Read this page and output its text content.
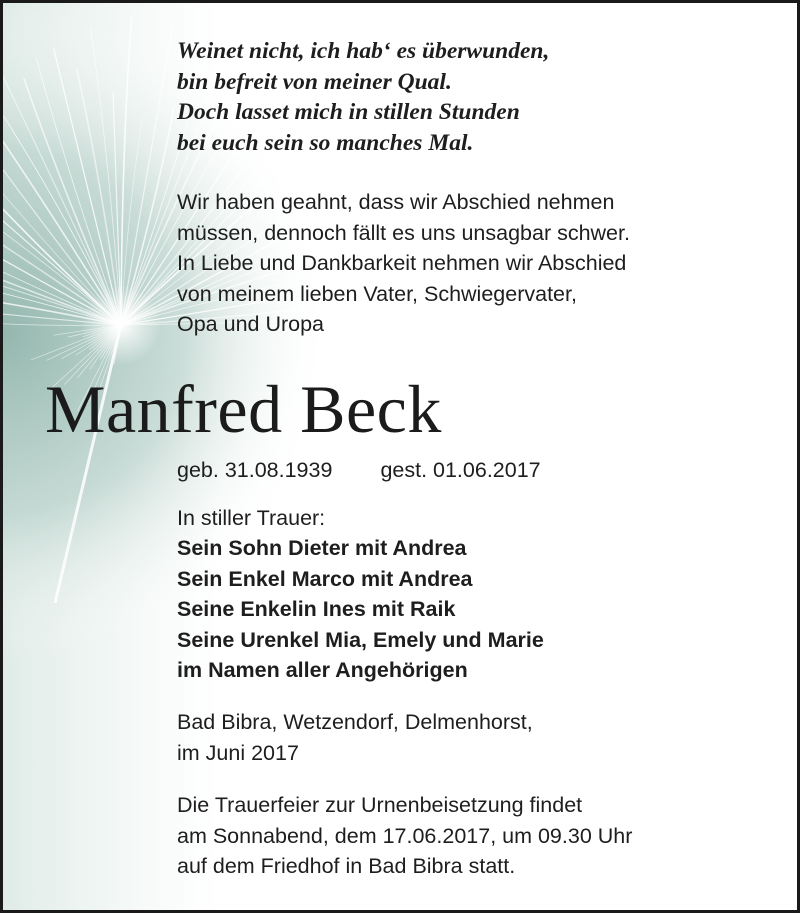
Weinet nicht, ich hab‘ es überwunden,
bin befreit von meiner Qual.
Doch lasset mich in stillen Stunden
bei euch sein so manches Mal.
Wir haben geahnt, dass wir Abschied nehmen
müssen, dennoch fällt es uns unsagbar schwer.
In Liebe und Dankbarkeit nehmen wir Abschied
von meinem lieben Vater, Schwiegervater,
Opa und Uropa
Manfred Beck
geb. 31.08.1939 gest. 01.06.2017
In stiller Trauer:
Sein Sohn Dieter mit Andrea
Sein Enkel Marco mit Andrea
Seine Enkelin Ines mit Raik
Seine Urenkel Mia, Emely und Marie
im Namen aller Angehörigen
Bad Bibra, Wetzendorf, Delmenhorst,
im Juni 2017
Die Trauerfeier zur Urnenbeisetzung findet
am Sonnabend, dem 17.06.2017, um 09.30 Uhr
auf dem Friedhof in Bad Bibra statt.
